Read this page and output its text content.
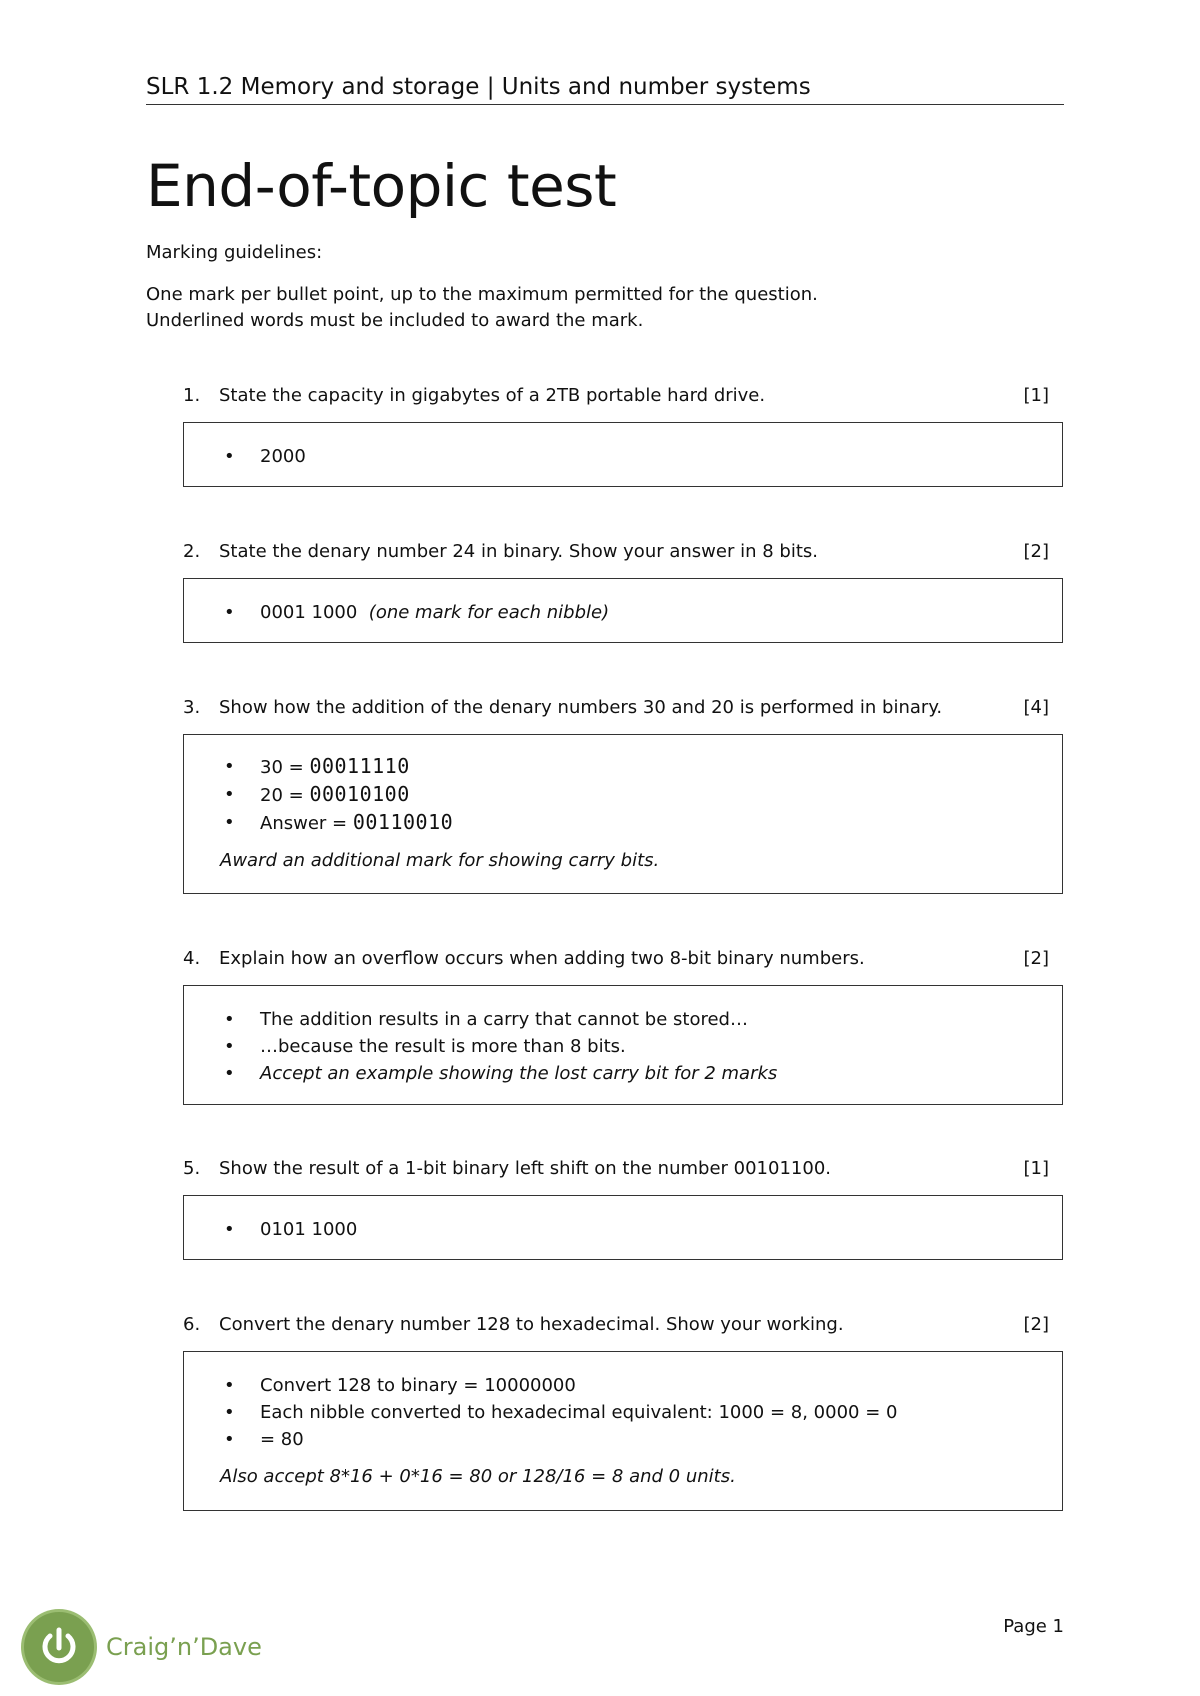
SLR 1.2 Memory and storage | Units and number systems
End-of-topic test
Marking guidelines:
One mark per bullet point, up to the maximum permitted for the question.
Underlined words must be included to award the mark.
1. State the capacity in gigabytes of a 2TB portable hard drive.	[1]
• 2000
2. State the denary number 24 in binary. Show your answer in 8 bits.	[2]
• 0001 1000 (one mark for each nibble)
3. Show how the addition of the denary numbers 30 and 20 is performed in binary.	[4]
• 30 = 00011110
• 20 = 00010100
• Answer = 00110010
Award an additional mark for showing carry bits.
4. Explain how an overflow occurs when adding two 8-bit binary numbers.	[2]
• The addition results in a carry that cannot be stored…
• …because the result is more than 8 bits.
• Accept an example showing the lost carry bit for 2 marks
5. Show the result of a 1-bit binary left shift on the number 00101100.	[1]
• 0101 1000
6. Convert the denary number 128 to hexadecimal. Show your working.	[2]
• Convert 128 to binary = 10000000
• Each nibble converted to hexadecimal equivalent: 1000 = 8, 0000 = 0
• = 80
Also accept 8*16 + 0*16 = 80 or 128/16 = 8 and 0 units.
Page 1
Craig’n’Dave
